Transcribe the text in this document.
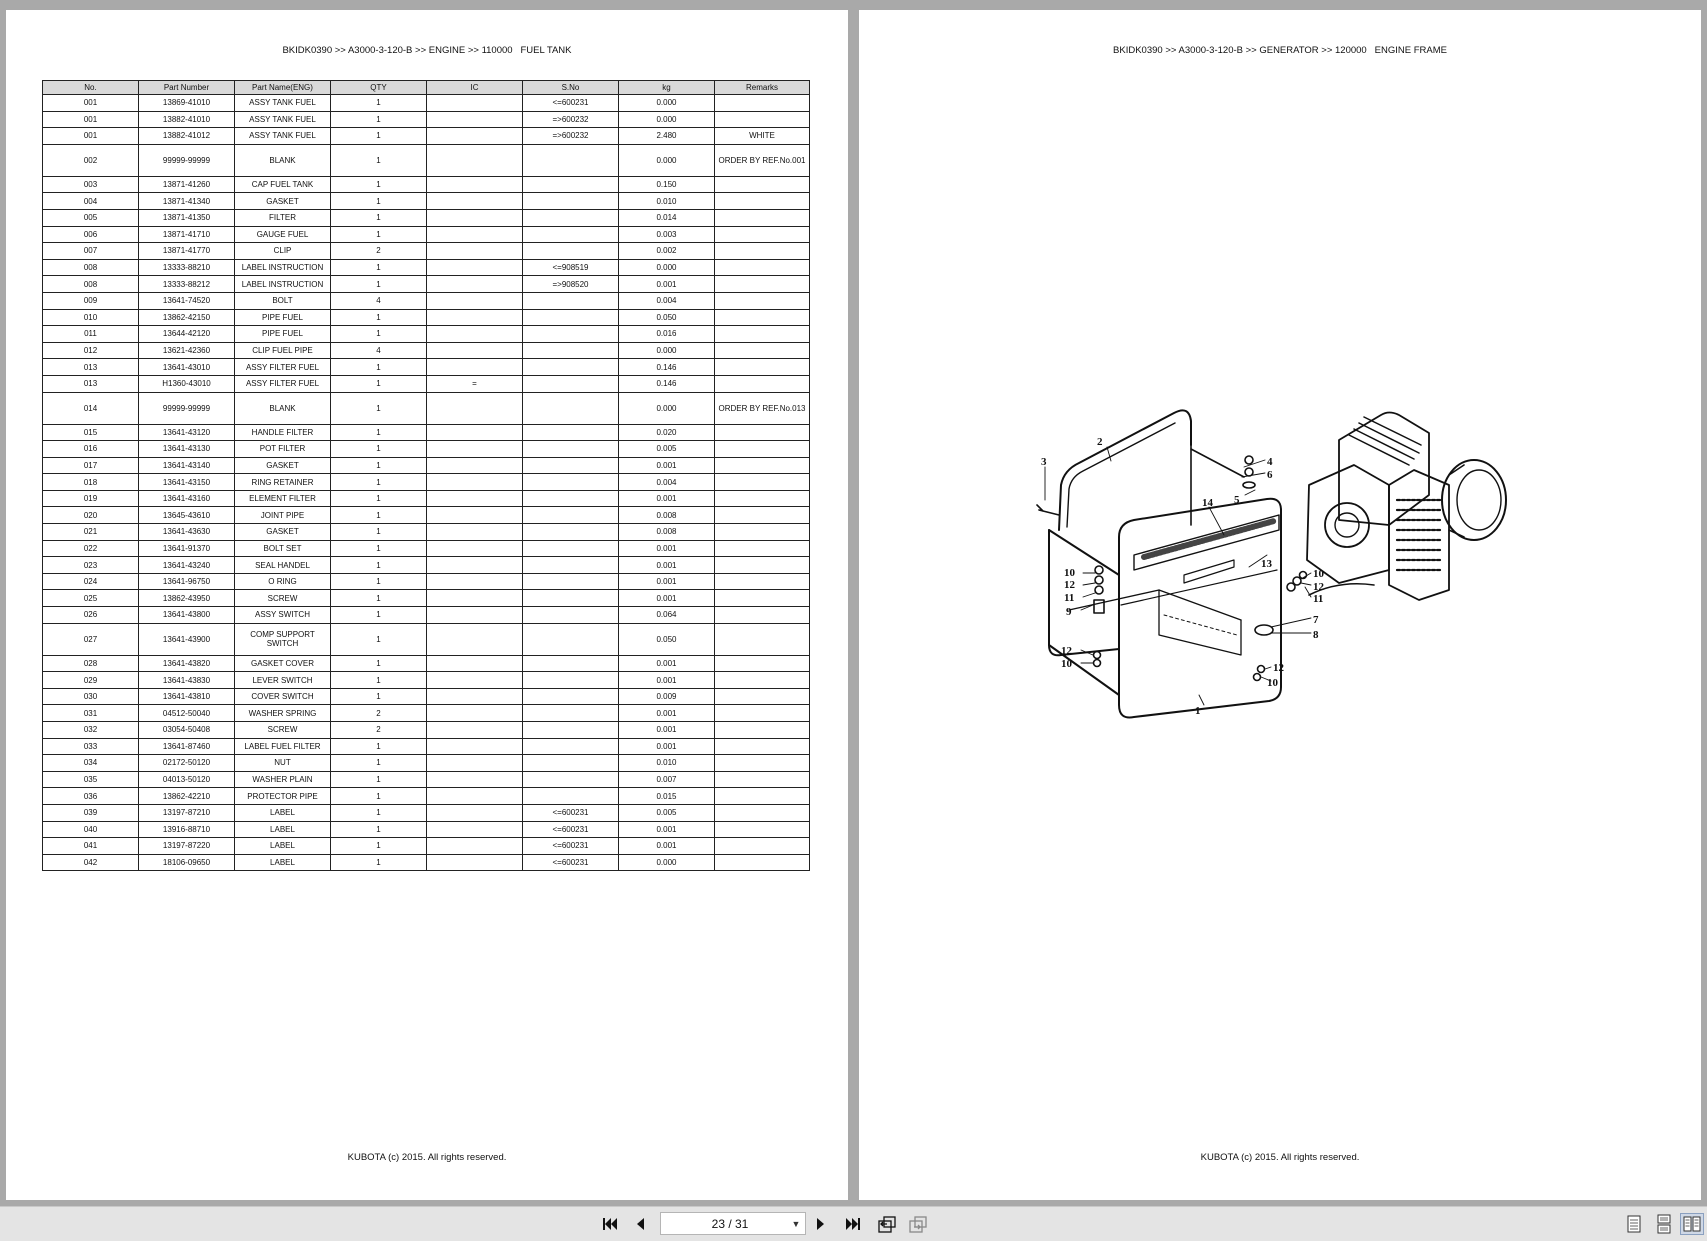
BKIDK0390 >> A3000-3-120-B >> ENGINE >> 110000   FUEL TANK
No.	Part Number	Part Name(ENG)	QTY	IC	S.No	kg	Remarks
001	13869-41010	ASSY TANK FUEL	1		<=600231	0.000	
001	13882-41010	ASSY TANK FUEL	1		=>600232	0.000	
001	13882-41012	ASSY TANK FUEL	1		=>600232	2.480	WHITE
002	99999-99999	BLANK	1			0.000	ORDER BY REF.No.001
003	13871-41260	CAP FUEL TANK	1			0.150	
004	13871-41340	GASKET	1			0.010	
005	13871-41350	FILTER	1			0.014	
006	13871-41710	GAUGE FUEL	1			0.003	
007	13871-41770	CLIP	2			0.002	
008	13333-88210	LABEL INSTRUCTION	1		<=908519	0.000	
008	13333-88212	LABEL INSTRUCTION	1		=>908520	0.001	
009	13641-74520	BOLT	4			0.004	
010	13862-42150	PIPE FUEL	1			0.050	
011	13644-42120	PIPE FUEL	1			0.016	
012	13621-42360	CLIP FUEL PIPE	4			0.000	
013	13641-43010	ASSY FILTER FUEL	1			0.146	
013	H1360-43010	ASSY FILTER FUEL	1	=		0.146	
014	99999-99999	BLANK	1			0.000	ORDER BY REF.No.013
015	13641-43120	HANDLE FILTER	1			0.020	
016	13641-43130	POT FILTER	1			0.005	
017	13641-43140	GASKET	1			0.001	
018	13641-43150	RING RETAINER	1			0.004	
019	13641-43160	ELEMENT FILTER	1			0.001	
020	13645-43610	JOINT PIPE	1			0.008	
021	13641-43630	GASKET	1			0.008	
022	13641-91370	BOLT SET	1			0.001	
023	13641-43240	SEAL HANDEL	1			0.001	
024	13641-96750	O RING	1			0.001	
025	13862-43950	SCREW	1			0.001	
026	13641-43800	ASSY SWITCH	1			0.064	
027	13641-43900	COMP SUPPORT SWITCH	1			0.050	
028	13641-43820	GASKET COVER	1			0.001	
029	13641-43830	LEVER SWITCH	1			0.001	
030	13641-43810	COVER SWITCH	1			0.009	
031	04512-50040	WASHER SPRING	2			0.001	
032	03054-50408	SCREW	2			0.001	
033	13641-87460	LABEL FUEL FILTER	1			0.001	
034	02172-50120	NUT	1			0.010	
035	04013-50120	WASHER PLAIN	1			0.007	
036	13862-42210	PROTECTOR PIPE	1			0.015	
039	13197-87210	LABEL	1		<=600231	0.005	
040	13916-88710	LABEL	1		<=600231	0.001	
041	13197-87220	LABEL	1		<=600231	0.001	
042	18106-09650	LABEL	1		<=600231	0.000	
KUBOTA (c) 2015. All rights reserved.
BKIDK0390 >> A3000-3-120-B >> GENERATOR >> 120000   ENGINE FRAME
2
3	4
5
6
14
13
10
12
11
9
12
10
10
12
11
7
8
12
10
1
KUBOTA (c) 2015. All rights reserved.
23 / 31	▼
